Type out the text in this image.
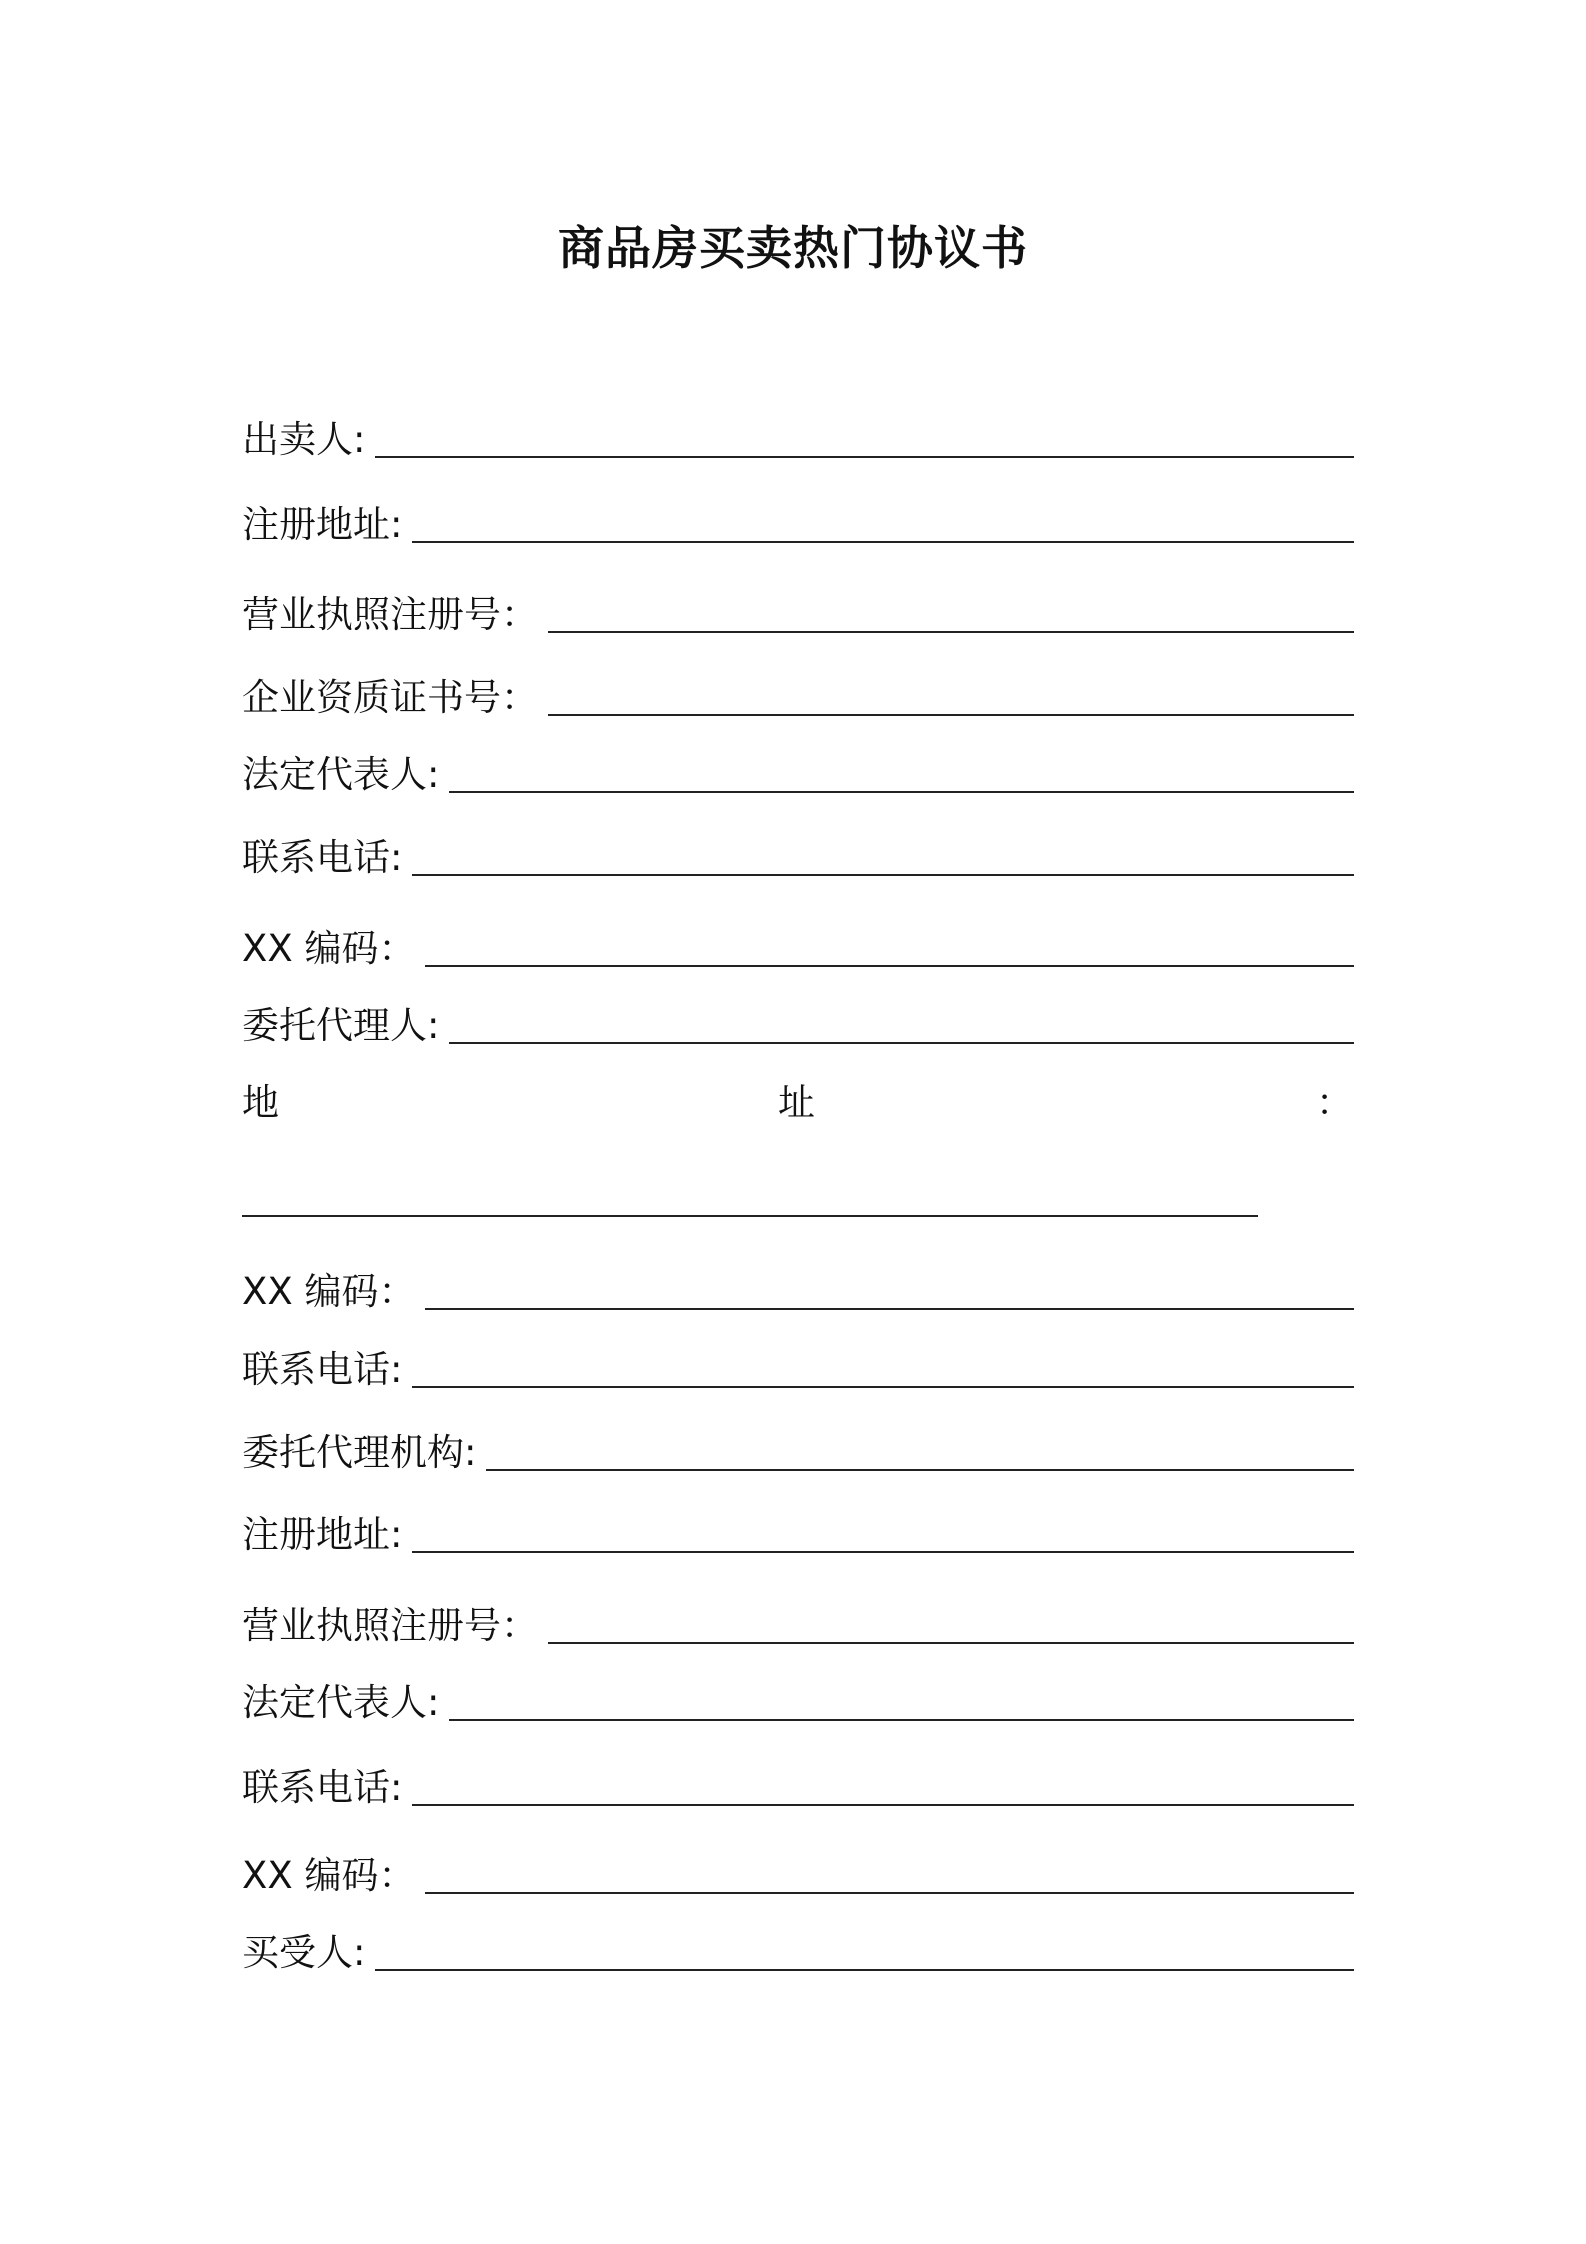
商品房买卖热门协议书
出卖人:
注册地址:
营业执照注册号：
企业资质证书号：
法定代表人:
联系电话:
XX 编码：
委托代理人:
地	址	：
XX 编码：
联系电话:
委托代理机构:
注册地址:
营业执照注册号：
法定代表人:
联系电话:
XX 编码：
买受人:
